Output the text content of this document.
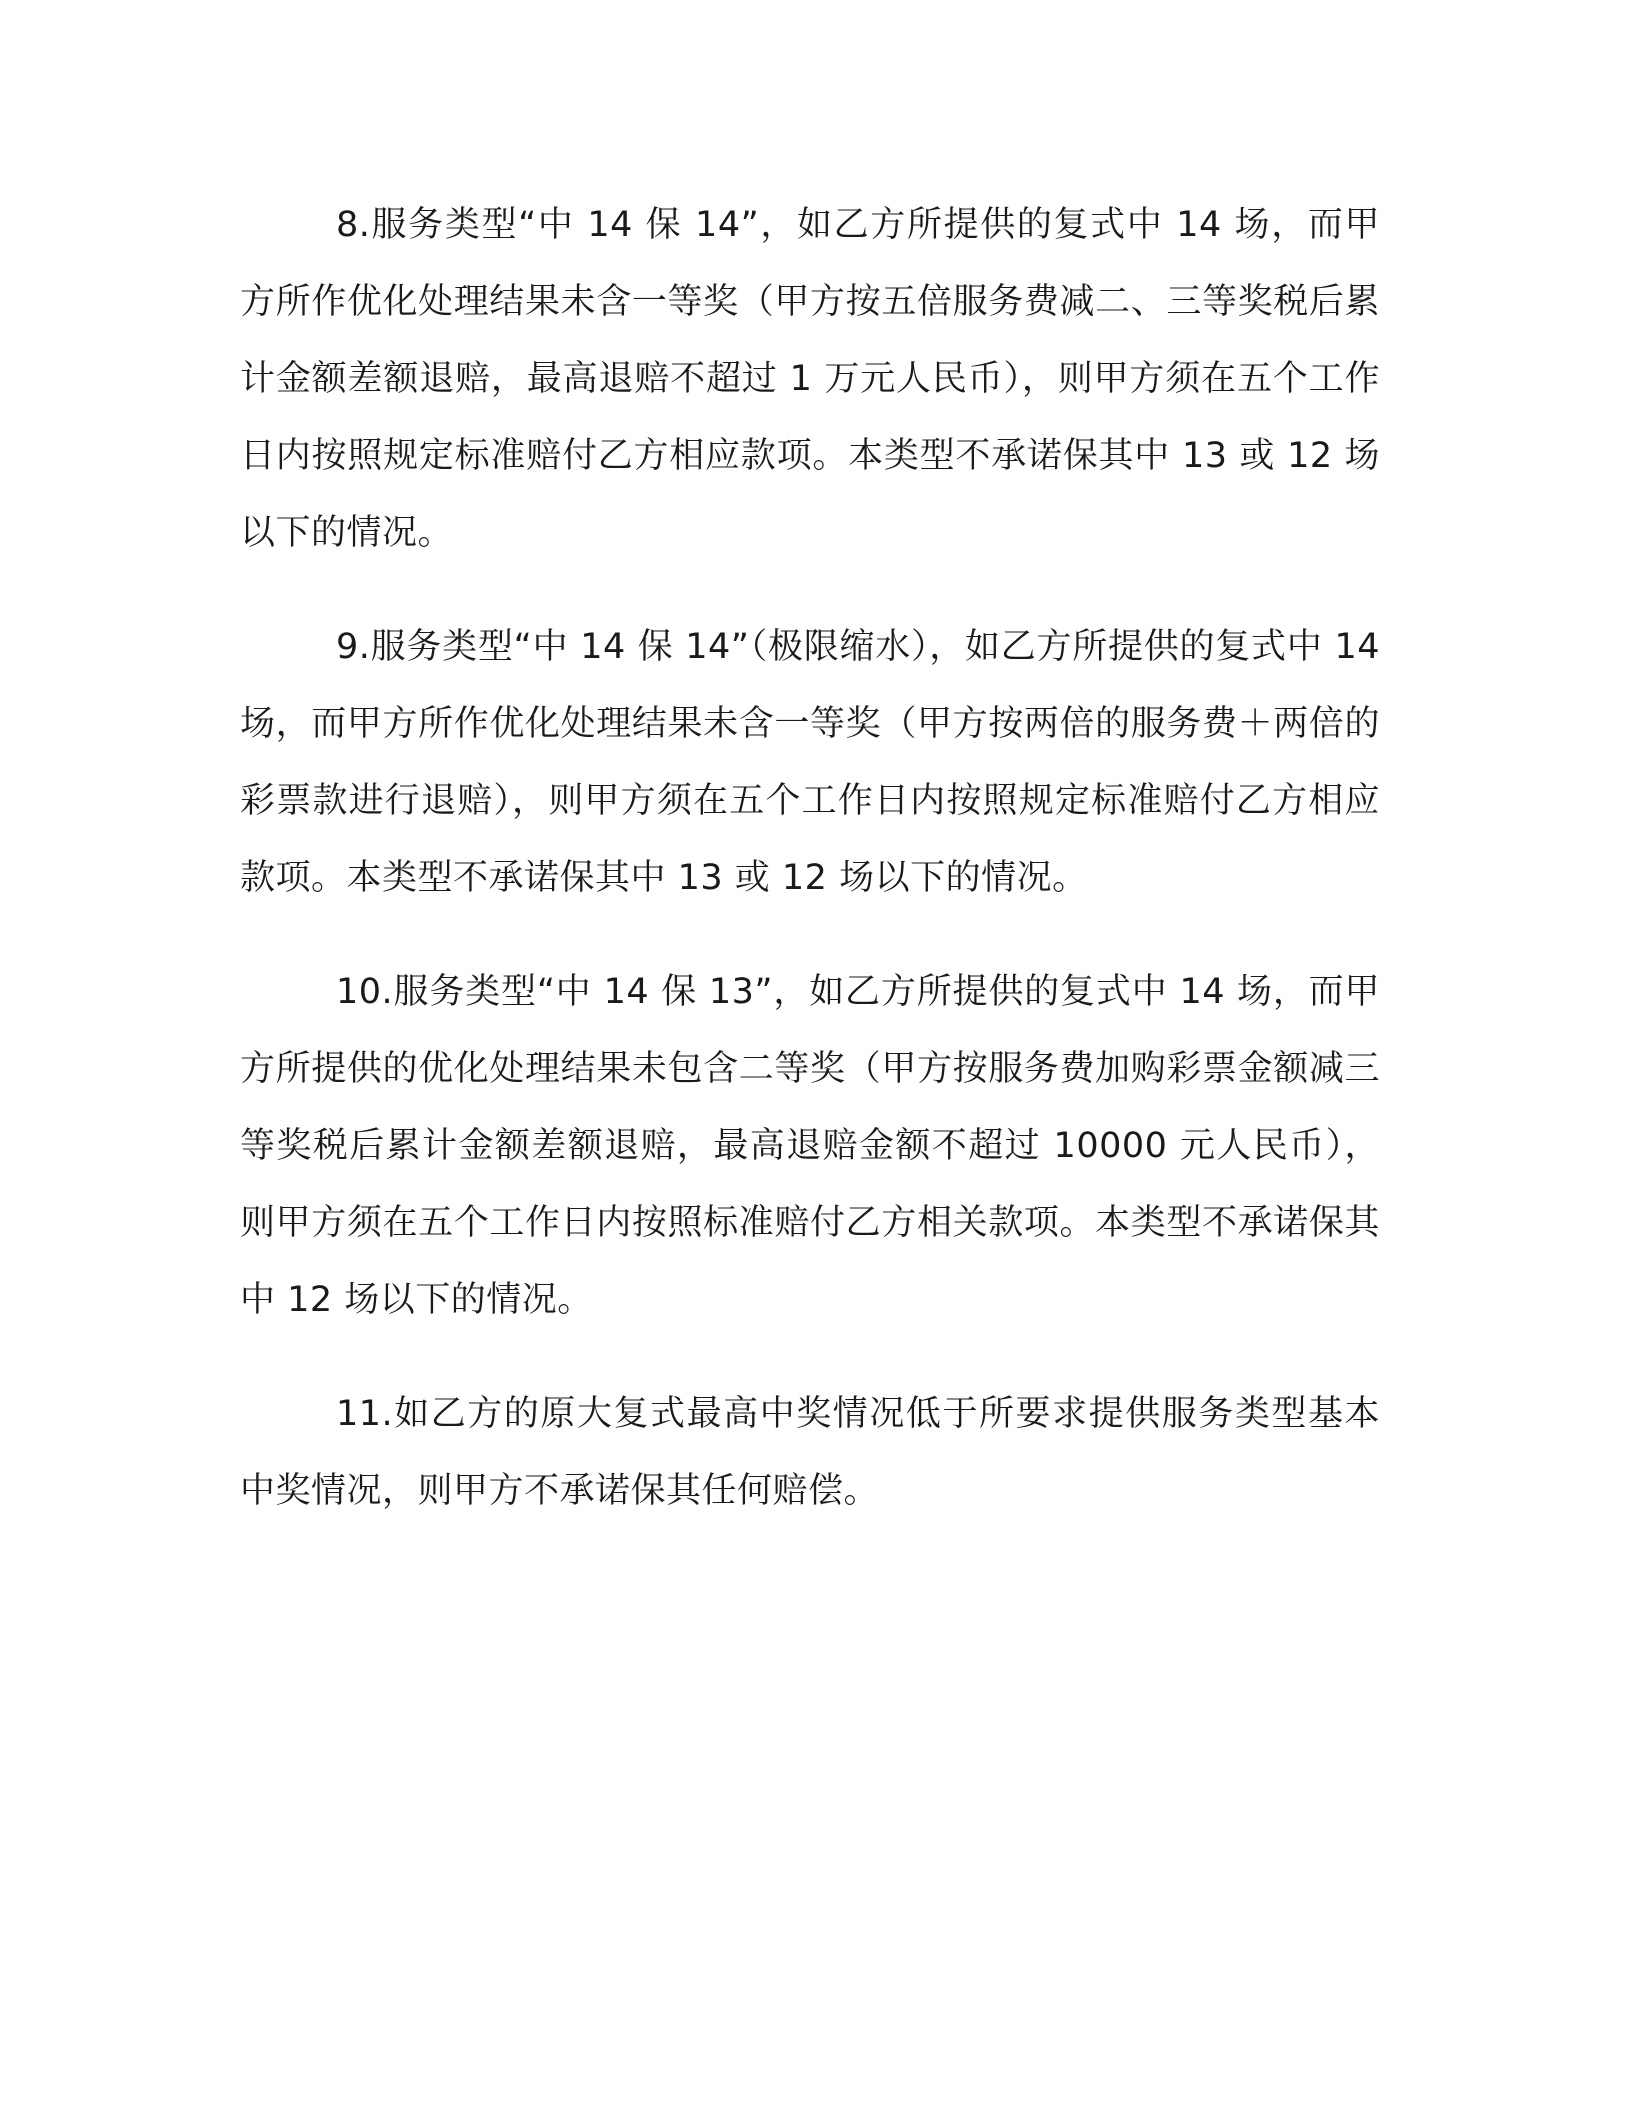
8.服务类型“中 14 保 14”，如乙方所提供的复式中 14 场，而甲方所作优化处理结果未含一等奖（甲方按五倍服务费减二、三等奖税后累计金额差额退赔，最高退赔不超过 1 万元人民币），则甲方须在五个工作日内按照规定标准赔付乙方相应款项。本类型不承诺保其中 13 或 12 场以下的情况。

9.服务类型“中 14 保 14”（极限缩水），如乙方所提供的复式中 14 场，而甲方所作优化处理结果未含一等奖（甲方按两倍的服务费＋两倍的彩票款进行退赔），则甲方须在五个工作日内按照规定标准赔付乙方相应款项。本类型不承诺保其中 13 或 12 场以下的情况。

10.服务类型“中 14 保 13”，如乙方所提供的复式中 14 场，而甲方所提供的优化处理结果未包含二等奖（甲方按服务费加购彩票金额减三等奖税后累计金额差额退赔，最高退赔金额不超过 10000 元人民币），则甲方须在五个工作日内按照标准赔付乙方相关款项。本类型不承诺保其中 12 场以下的情况。

11.如乙方的原大复式最高中奖情况低于所要求提供服务类型基本中奖情况，则甲方不承诺保其任何赔偿。
